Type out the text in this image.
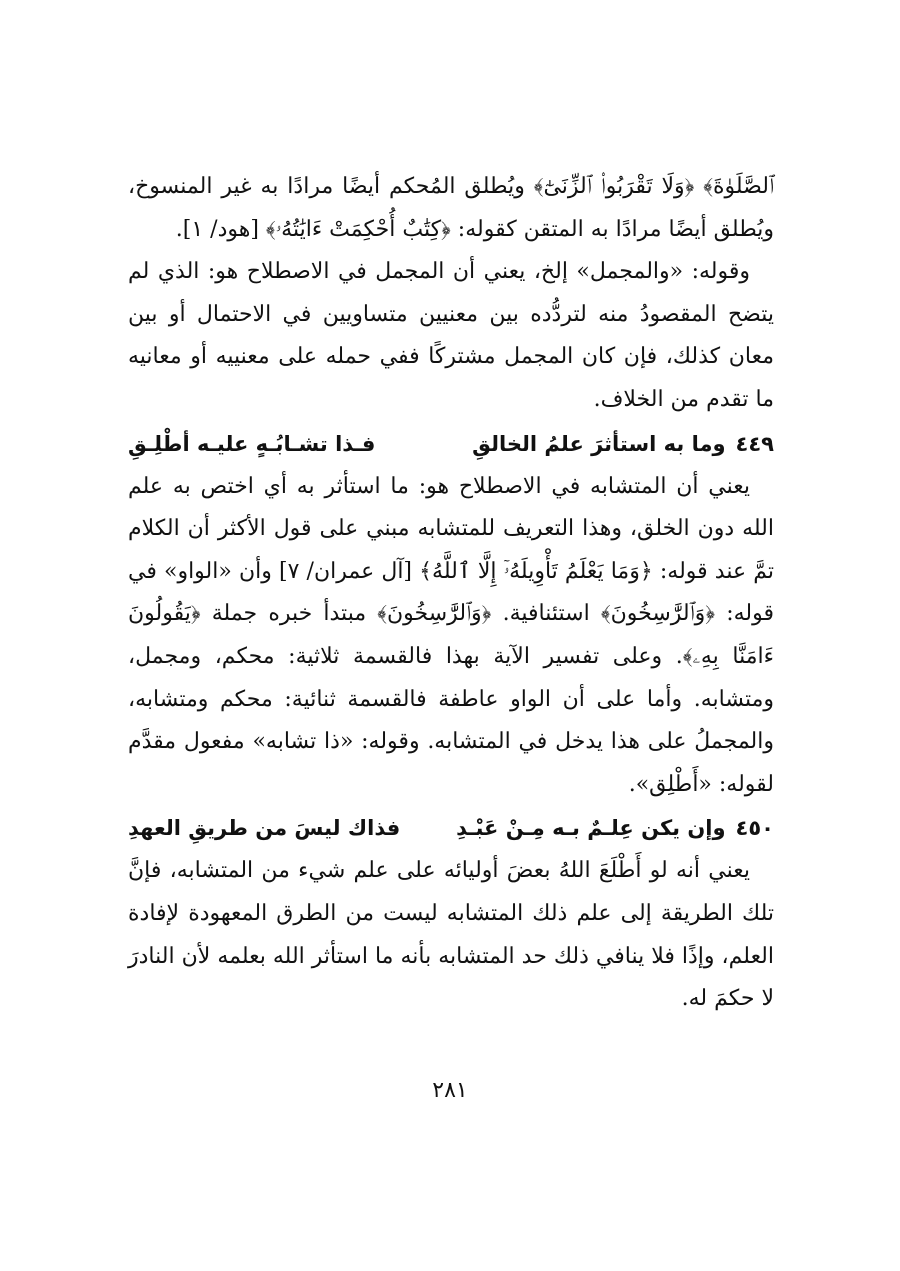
ٱلصَّلَوٰةَ﴾ ﴿وَلَا تَقْرَبُوا۟ ٱلزِّنَىٰٓ﴾ ويُطلق المُحكم أيضًا مرادًا به غير المنسوخ، ويُطلق أيضًا مرادًا به المتقن كقوله: ﴿كِتَٰبٌ أُحْكِمَتْ ءَايَٰتُهُۥ﴾ [هود/ ١].

وقوله: «والمجمل» إلخ، يعني أن المجمل في الاصطلاح هو: الذي لم يتضح المقصودُ منه لتردُّده بين معنيين متساويين في الاحتمال أو بين معان كذلك، فإن كان المجمل مشتركًا ففي حمله على معنييه أو معانيه ما تقدم من الخلاف.

٤٤٩وما به استأثرَ علمُ الخالقِ
فـذا تشـابُـهٍ عليـه أطْلِـقِ

يعني أن المتشابه في الاصطلاح هو: ما استأثر به أي اختص به علم الله دون الخلق، وهذا التعريف للمتشابه مبني على قول الأكثر أن الكلام تمَّ عند قوله: ﴿وَمَا يَعْلَمُ تَأْوِيلَهُۥٓ إِلَّا ٱللَّهُ﴾ [آل عمران/ ٧] وأن «الواو» في قوله: ﴿وَٱلرَّٰسِخُونَ﴾ استئنافية. ﴿وَٱلرَّٰسِخُونَ﴾ مبتدأ خبره جملة ﴿يَقُولُونَ ءَامَنَّا بِهِۦ﴾. وعلى تفسير الآية بهذا فالقسمة ثلاثية: محكم، ومجمل، ومتشابه. وأما على أن الواو عاطفة فالقسمة ثنائية: محكم ومتشابه، والمجملُ على هذا يدخل في المتشابه. وقوله: «ذا تشابه» مفعول مقدَّم لقوله: «أَطْلِق».

٤٥٠وإن يكن عِلـمٌ بـه مِـنْ عَبْـدِ
فذاك ليسَ من طريقِ العهدِ

يعني أنه لو أَطْلَعَ اللهُ بعضَ أوليائه على علم شيء من المتشابه، فإنَّ تلك الطريقة إلى علم ذلك المتشابه ليست من الطرق المعهودة لإفادة العلم، وإذًا فلا ينافي ذلك حد المتشابه بأنه ما استأثر الله بعلمه لأن النادرَ لا حكمَ له.

٢٨١
